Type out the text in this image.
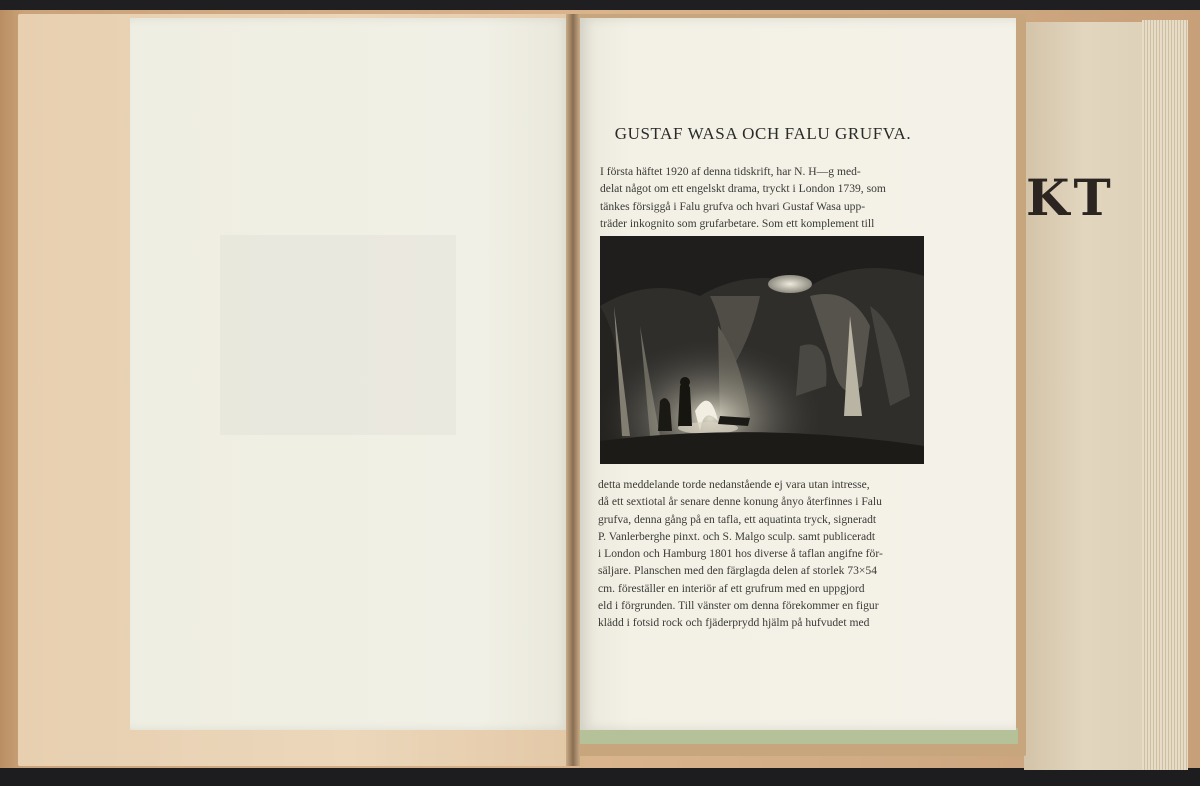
KT
GUSTAF WASA OCH FALU GRUFVA.
I första häftet 1920 af denna tidskrift, har N. H—g med-
delat något om ett engelskt drama, tryckt i London 1739, som
tänkes försiggå i Falu grufva och hvari Gustaf Wasa upp-
träder inkognito som grufarbetare. Som ett komplement till
detta meddelande torde nedanstående ej vara utan intresse,
då ett sextiotal år senare denne konung ånyo återfinnes i Falu
grufva, denna gång på en tafla, ett aquatinta tryck, signeradt
P. Vanlerberghe pinxt. och S. Malgo sculp. samt publiceradt
i London och Hamburg 1801 hos diverse å taflan angifne för-
säljare. Planschen med den färglagda delen af storlek 73×54
cm. föreställer en interiör af ett grufrum med en uppgjord
eld i förgrunden. Till vänster om denna förekommer en figur
klädd i fotsid rock och fjäderprydd hjälm på hufvudet med
